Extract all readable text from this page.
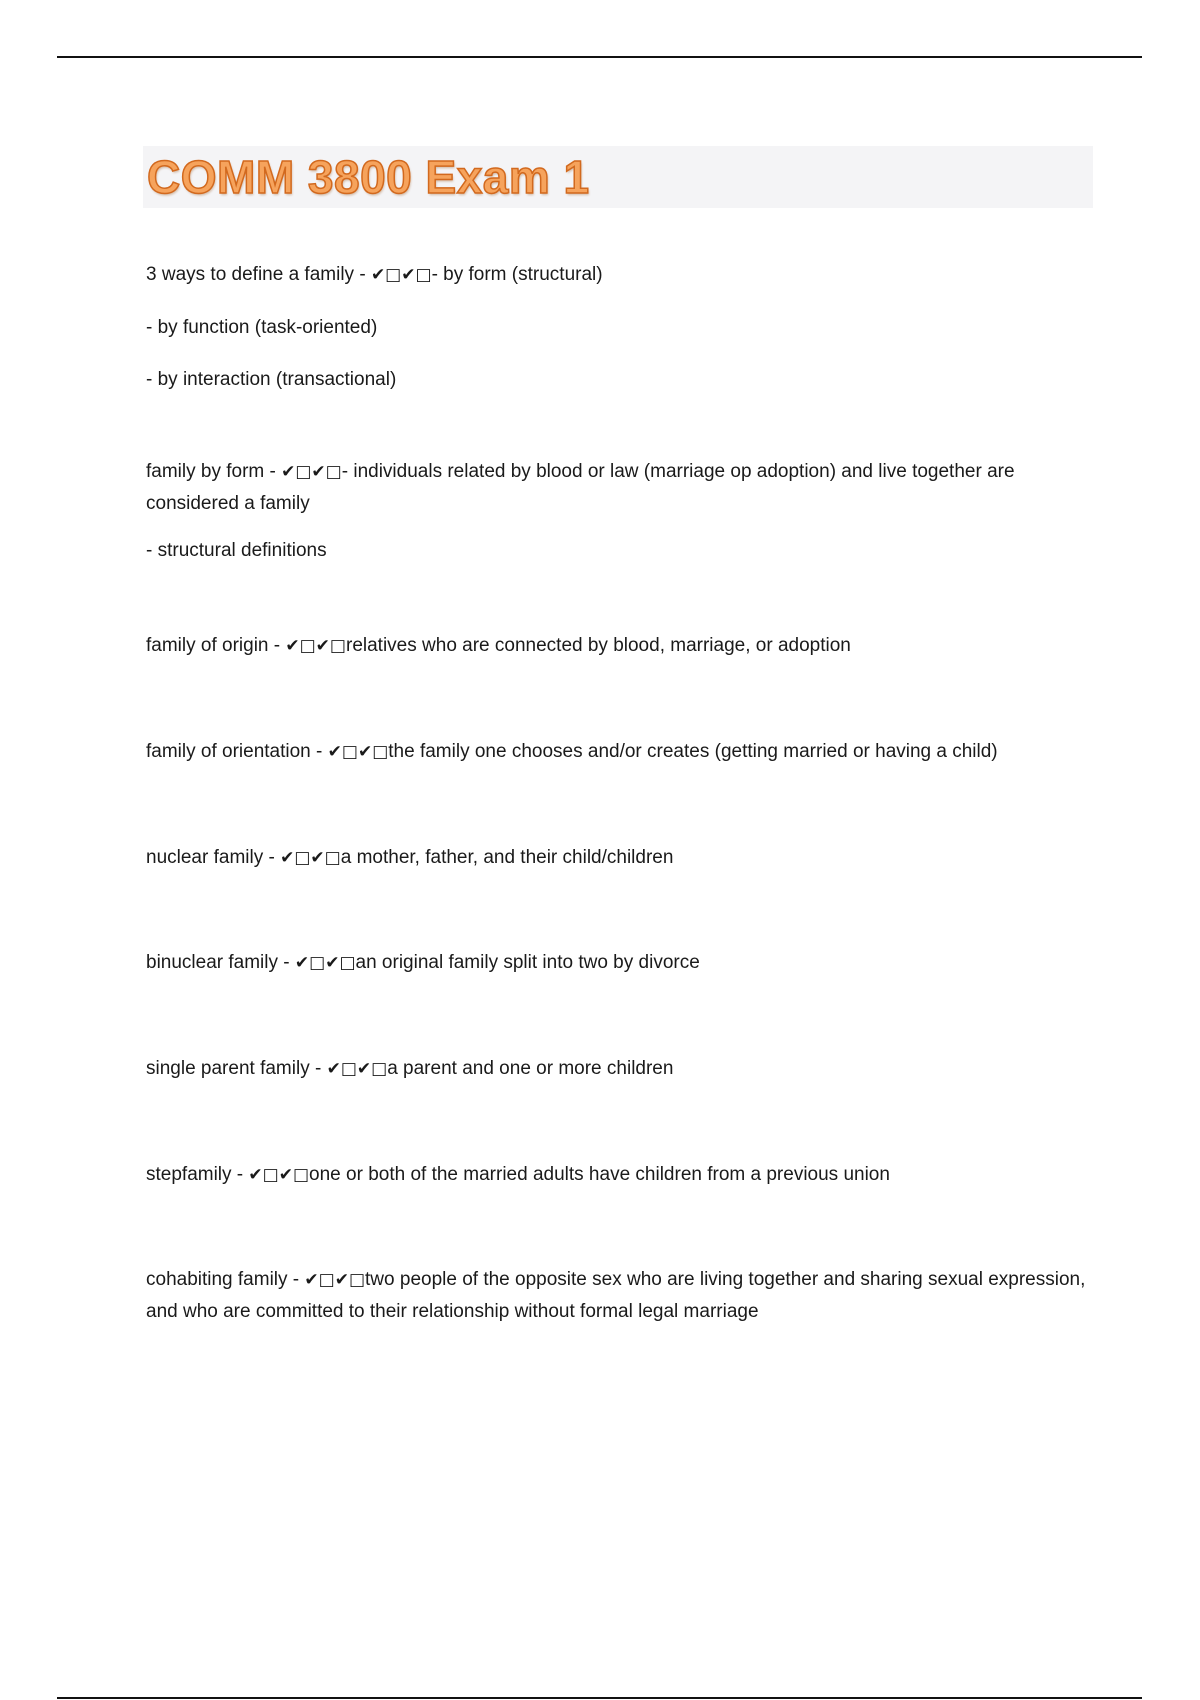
COMM 3800 Exam 1
3 ways to define a family - ✔□✔□- by form (structural)
- by function (task-oriented)
- by interaction (transactional)
family by form - ✔□✔□- individuals related by blood or law (marriage op adoption) and live together are considered a family
- structural definitions
family of origin - ✔□✔□relatives who are connected by blood, marriage, or adoption
family of orientation - ✔□✔□the family one chooses and/or creates (getting married or having a child)
nuclear family - ✔□✔□a mother, father, and their child/children
binuclear family - ✔□✔□an original family split into two by divorce
single parent family - ✔□✔□a parent and one or more children
stepfamily - ✔□✔□one or both of the married adults have children from a previous union
cohabiting family - ✔□✔□two people of the opposite sex who are living together and sharing sexual expression, and who are committed to their relationship without formal legal marriage
